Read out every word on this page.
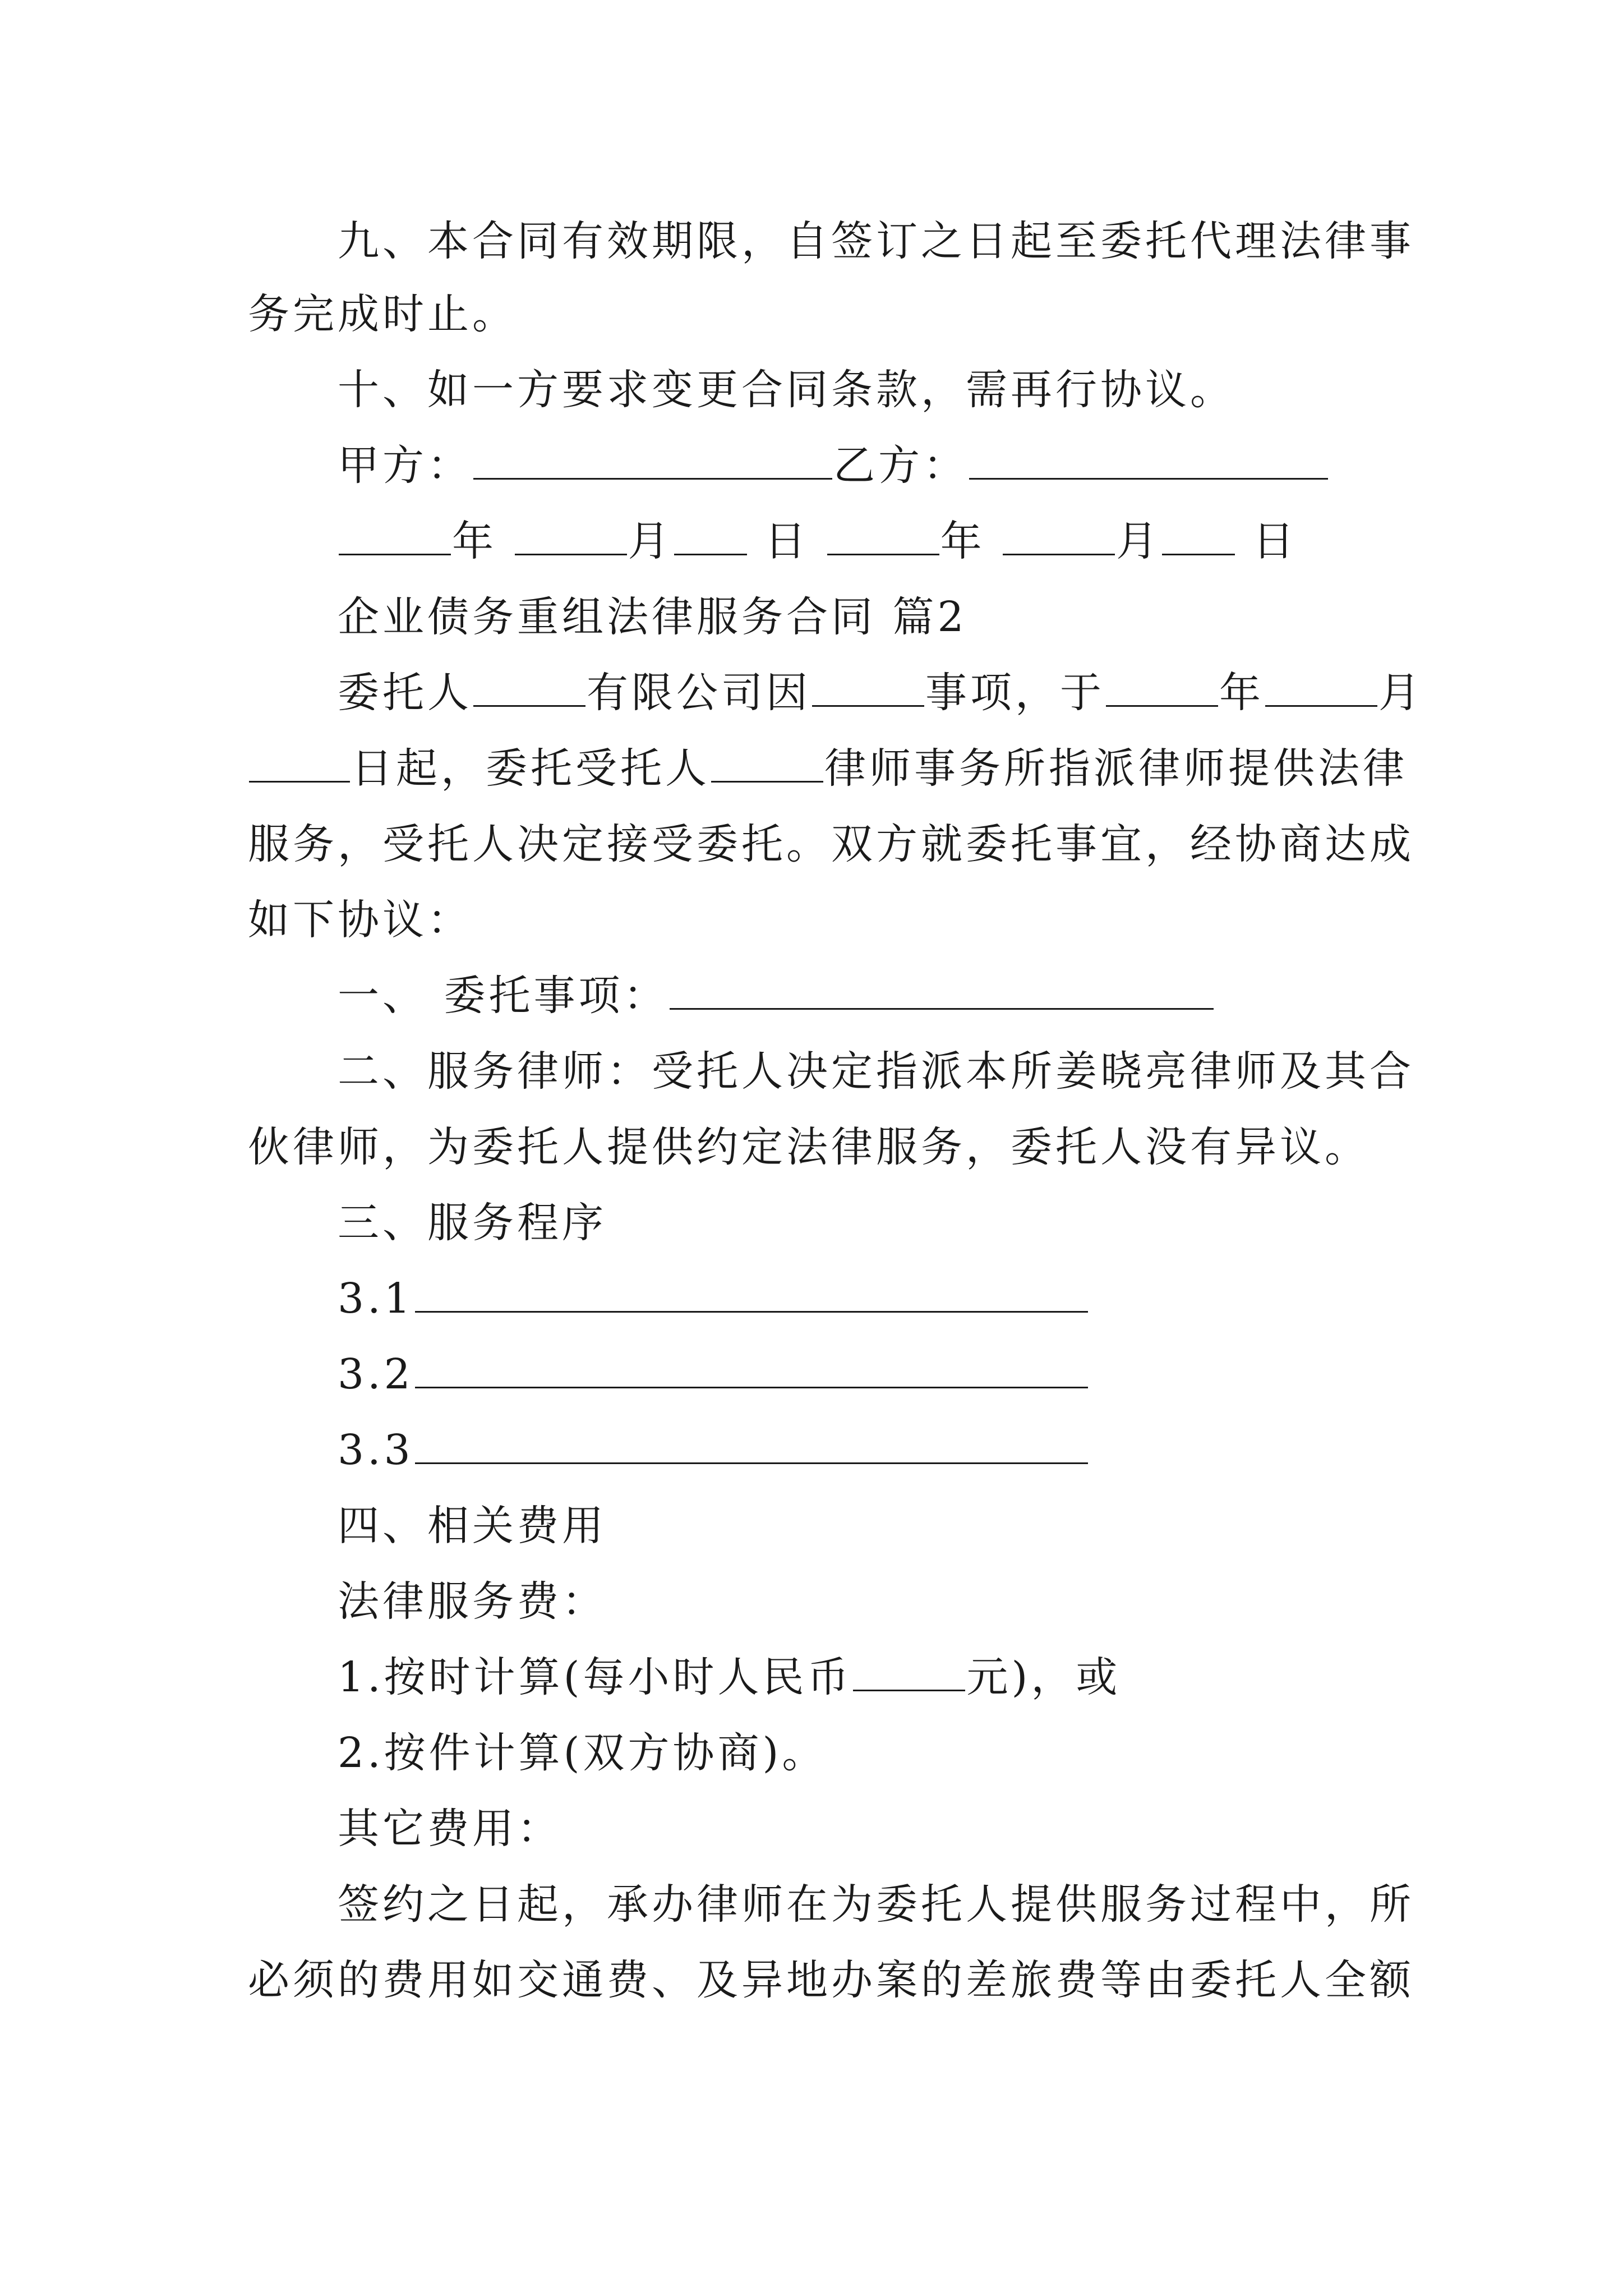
九、本合同有效期限，自签订之日起至委托代理法律事
务完成时止。
十、如一方要求变更合同条款，需再行协议。
甲方：	乙方：
年	月 日	年	月 日
企业债务重组法律服务合同 篇2
委托人	有限公司因	事项，于	年	月
日起，委托受托人	律师事务所指派律师提供法律
服务，受托人决定接受委托。双方就委托事宜，经协商达成
如下协议：
一、 委托事项：
二、服务律师：受托人决定指派本所姜晓亮律师及其合
伙律师，为委托人提供约定法律服务，委托人没有异议。
三、服务程序
3.1
3.2
3.3
四、相关费用
法律服务费：
1.按时计算(每小时人民币	元)，或
2.按件计算(双方协商)。
其它费用：
签约之日起，承办律师在为委托人提供服务过程中，所
必须的费用如交通费、及异地办案的差旅费等由委托人全额
